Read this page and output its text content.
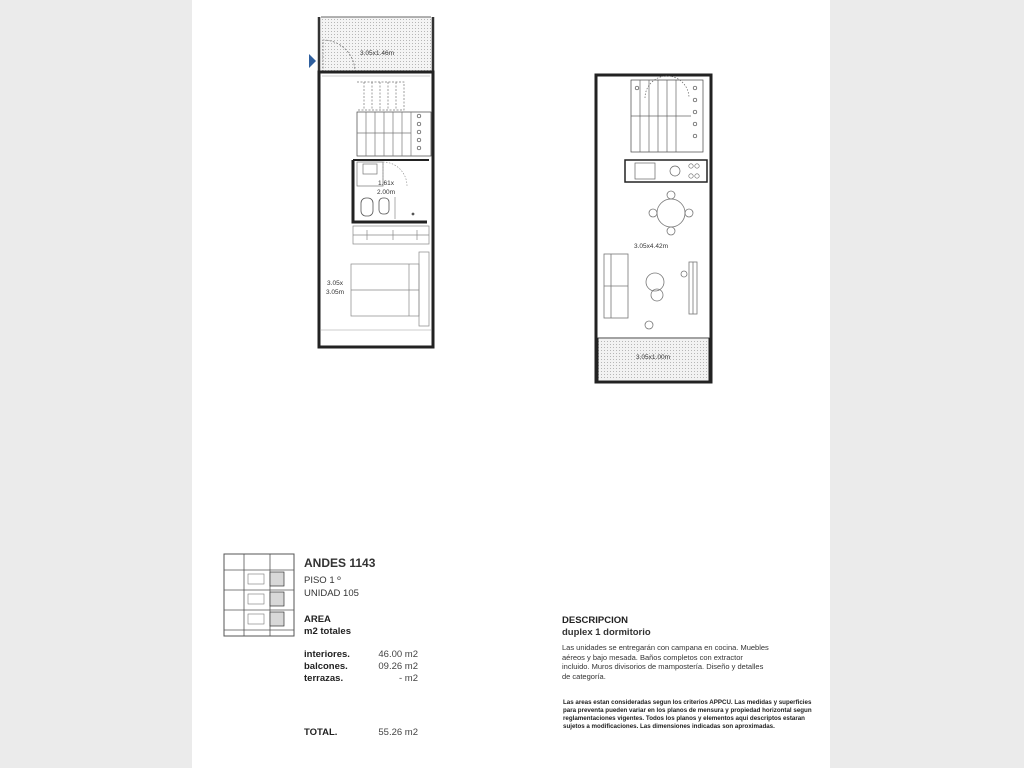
3.05x1.46m
1.61x
2.00m
3.05x
3.05m
3.05x4.42m
3.05x1.00m

ANDES 1143

PISO 1 º

UNIDAD 105

AREA

m2 totales

interiores.	46.00 m2

balcones.	09.26 m2

terrazas.	- m2

TOTAL.	55.26 m2

DESCRIPCION

duplex 1 dormitorio

Las unidades se entregarán con campana en cocina. Muebles aéreos y bajo mesada. Baños completos con extractor incluido. Muros divisorios de mampostería. Diseño y detalles de categoría.

Las areas estan consideradas segun los criterios APPCU. Las medidas y superficies para preventa pueden variar en los planos de mensura y propiedad horizontal segun reglamentaciones vigentes. Todos los planos y elementos aqui descriptos estaran sujetos a modificaciones. Las dimensiones indicadas son aproximadas.
